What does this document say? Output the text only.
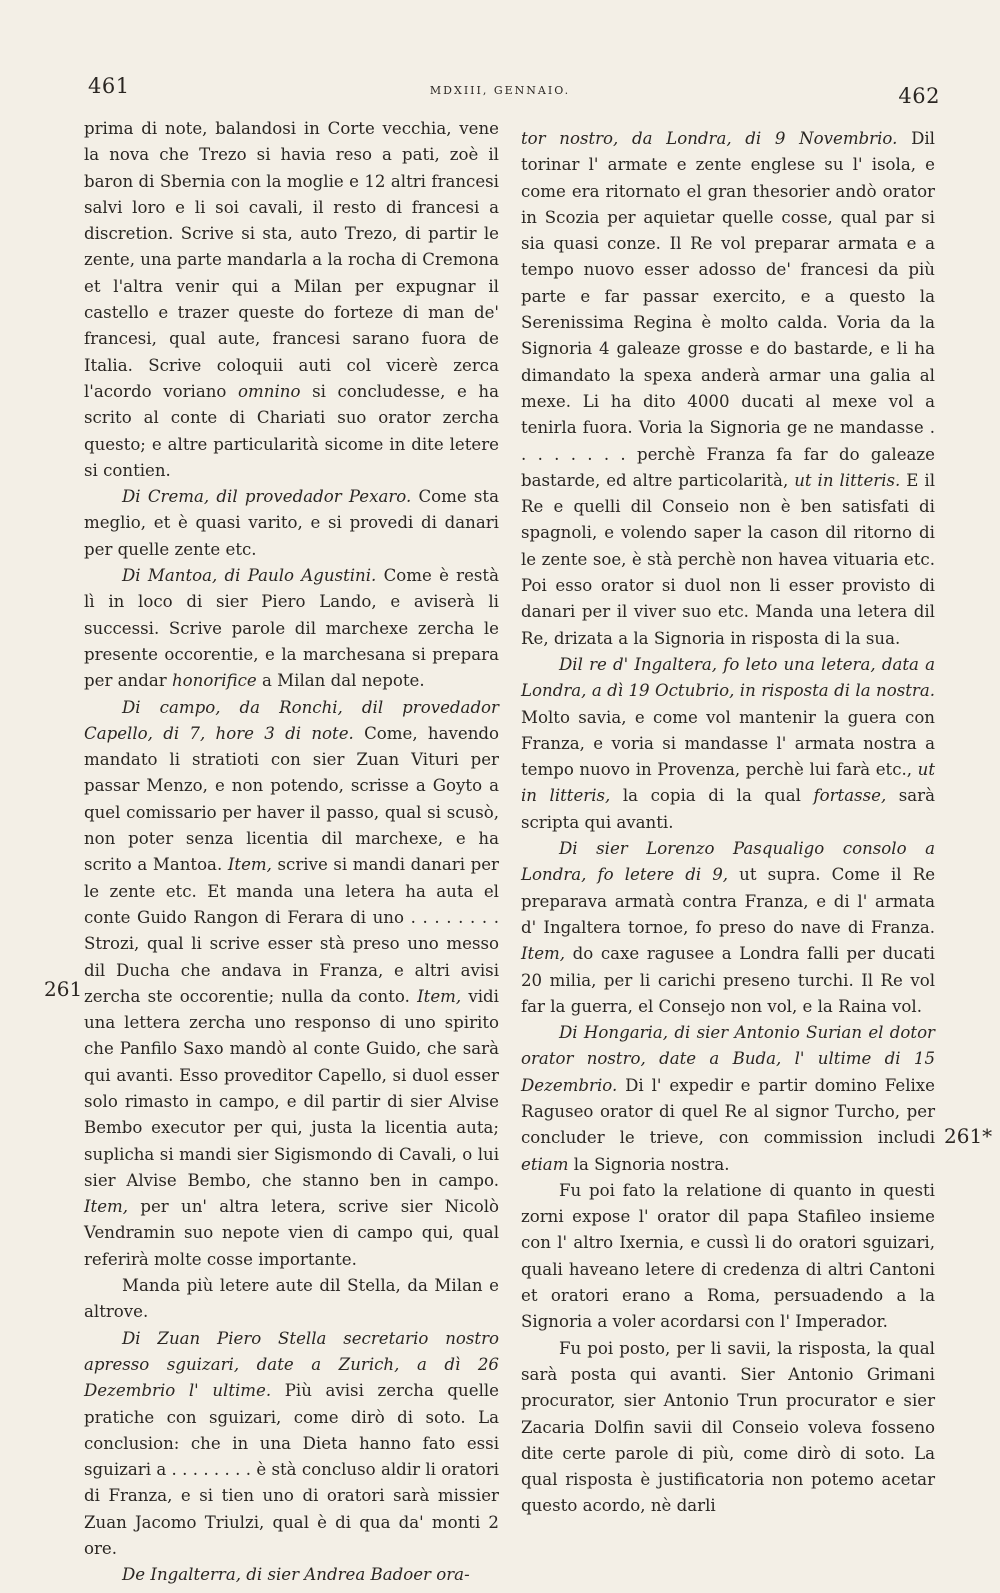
461	MDXIII, GENNAIO.	462
261
261*

prima di note, balandosi in Corte vecchia, vene la nova che Trezo si havia reso a pati, zoè il baron di Sbernia con la moglie e 12 altri francesi salvi loro e li soi cavali, il resto di francesi a discretion. Scrive si sta, auto Trezo, di partir le zente, una parte mandarla a la rocha di Cremona et l'altra venir qui a Milan per expugnar il castello e trazer queste do forteze di man de' francesi, qual aute, francesi sarano fuora de Italia. Scrive coloquii auti col vicerè zerca l'acordo voriano omnino si concludesse, e ha scrito al conte di Chariati suo orator zercha questo; e altre particularità sicome in dite letere si contien.

Di Crema, dil provedador Pexaro. Come sta meglio, et è quasi varito, e si provedi di danari per quelle zente etc.

Di Mantoa, di Paulo Agustini. Come è restà lì in loco di sier Piero Lando, e aviserà li successi. Scrive parole dil marchexe zercha le presente occorentie, e la marchesana si prepara per andar honorifice a Milan dal nepote.

Di campo, da Ronchi, dil provedador Capello, di 7, hore 3 di note. Come, havendo mandato li stratioti con sier Zuan Vituri per passar Menzo, e non potendo, scrisse a Goyto a quel comissario per haver il passo, qual si scusò, non poter senza licentia dil marchexe, e ha scrito a Mantoa. Item, scrive si mandi danari per le zente etc. Et manda una letera ha auta el conte Guido Rangon di Ferara di uno . . . . . . . . Strozi, qual li scrive esser stà preso uno messo dil Ducha che andava in Franza, e altri avisi zercha ste occorentie; nulla da conto. Item, vidi una lettera zercha uno responso di uno spirito che Panfilo Saxo mandò al conte Guido, che sarà qui avanti. Esso proveditor Capello, si duol esser solo rimasto in campo, e dil partir di sier Alvise Bembo executor per qui, justa la licentia auta; suplicha si mandi sier Sigismondo di Cavali, o lui sier Alvise Bembo, che stanno ben in campo. Item, per un' altra letera, scrive sier Nicolò Vendramin suo nepote vien di campo qui, qual referirà molte cosse importante.

Manda più letere aute dil Stella, da Milan e altrove.

Di Zuan Piero Stella secretario nostro apresso sguizari, date a Zurich, a dì 26 Dezembrio l' ultime. Più avisi zercha quelle pratiche con sguizari, come dirò di soto. La conclusion: che in una Dieta hanno fato essi sguizari a . . . . . . . . è stà concluso aldir li oratori di Franza, e si tien uno di oratori sarà missier Zuan Jacomo Triulzi, qual è di qua da' monti 2 ore.

De Ingalterra, di sier Andrea Badoer ora-

tor nostro, da Londra, di 9 Novembrio. Dil torinar l' armate e zente englese su l' isola, e come era ritornato el gran thesorier andò orator in Scozia per aquietar quelle cosse, qual par si sia quasi conze. Il Re vol preparar armata e a tempo nuovo esser adosso de' francesi da più parte e far passar exercito, e a questo la Serenissima Regina è molto calda. Voria da la Signoria 4 galeaze grosse e do bastarde, e li ha dimandato la spexa anderà armar una galia al mexe. Li ha dito 4000 ducati al mexe vol a tenirla fuora. Voria la Signoria ge ne mandasse . . . . . . . . perchè Franza fa far do galeaze bastarde, ed altre particolarità, ut in litteris. E il Re e quelli dil Conseio non è ben satisfati di spagnoli, e volendo saper la cason dil ritorno di le zente soe, è stà perchè non havea vituaria etc. Poi esso orator si duol non li esser provisto di danari per il viver suo etc. Manda una letera dil Re, drizata a la Signoria in risposta di la sua.

Dil re d' Ingaltera, fo leto una letera, data a Londra, a dì 19 Octubrio, in risposta di la nostra. Molto savia, e come vol mantenir la guera con Franza, e voria si mandasse l' armata nostra a tempo nuovo in Provenza, perchè lui farà etc., ut in litteris, la copia di la qual fortasse, sarà scripta qui avanti.

Di sier Lorenzo Pasqualigo consolo a Londra, fo letere di 9, ut supra. Come il Re preparava armatà contra Franza, e di l' armata d' Ingaltera tornoe, fo preso do nave di Franza. Item, do caxe ragusee a Londra falli per ducati 20 milia, per li carichi preseno turchi. Il Re vol far la guerra, el Consejo non vol, e la Raina vol.

Di Hongaria, di sier Antonio Surian el dotor orator nostro, date a Buda, l' ultime di 15 Dezembrio. Di l' expedir e partir domino Felixe Raguseo orator di quel Re al signor Turcho, per concluder le trieve, con commission includi etiam la Signoria nostra.

Fu poi fato la relatione di quanto in questi zorni expose l' orator dil papa Stafileo insieme con l' altro Ixernia, e cussì li do oratori sguizari, quali haveano letere di credenza di altri Cantoni et oratori erano a Roma, persuadendo a la Signoria a voler acordarsi con l' Imperador.

Fu poi posto, per li savii, la risposta, la qual sarà posta qui avanti. Sier Antonio Grimani procurator, sier Antonio Trun procurator e sier Zacaria Dolfin savii dil Conseio voleva fosseno dite certe parole di più, come dirò di soto. La qual risposta è justificatoria non potemo acetar questo acordo, nè darli
